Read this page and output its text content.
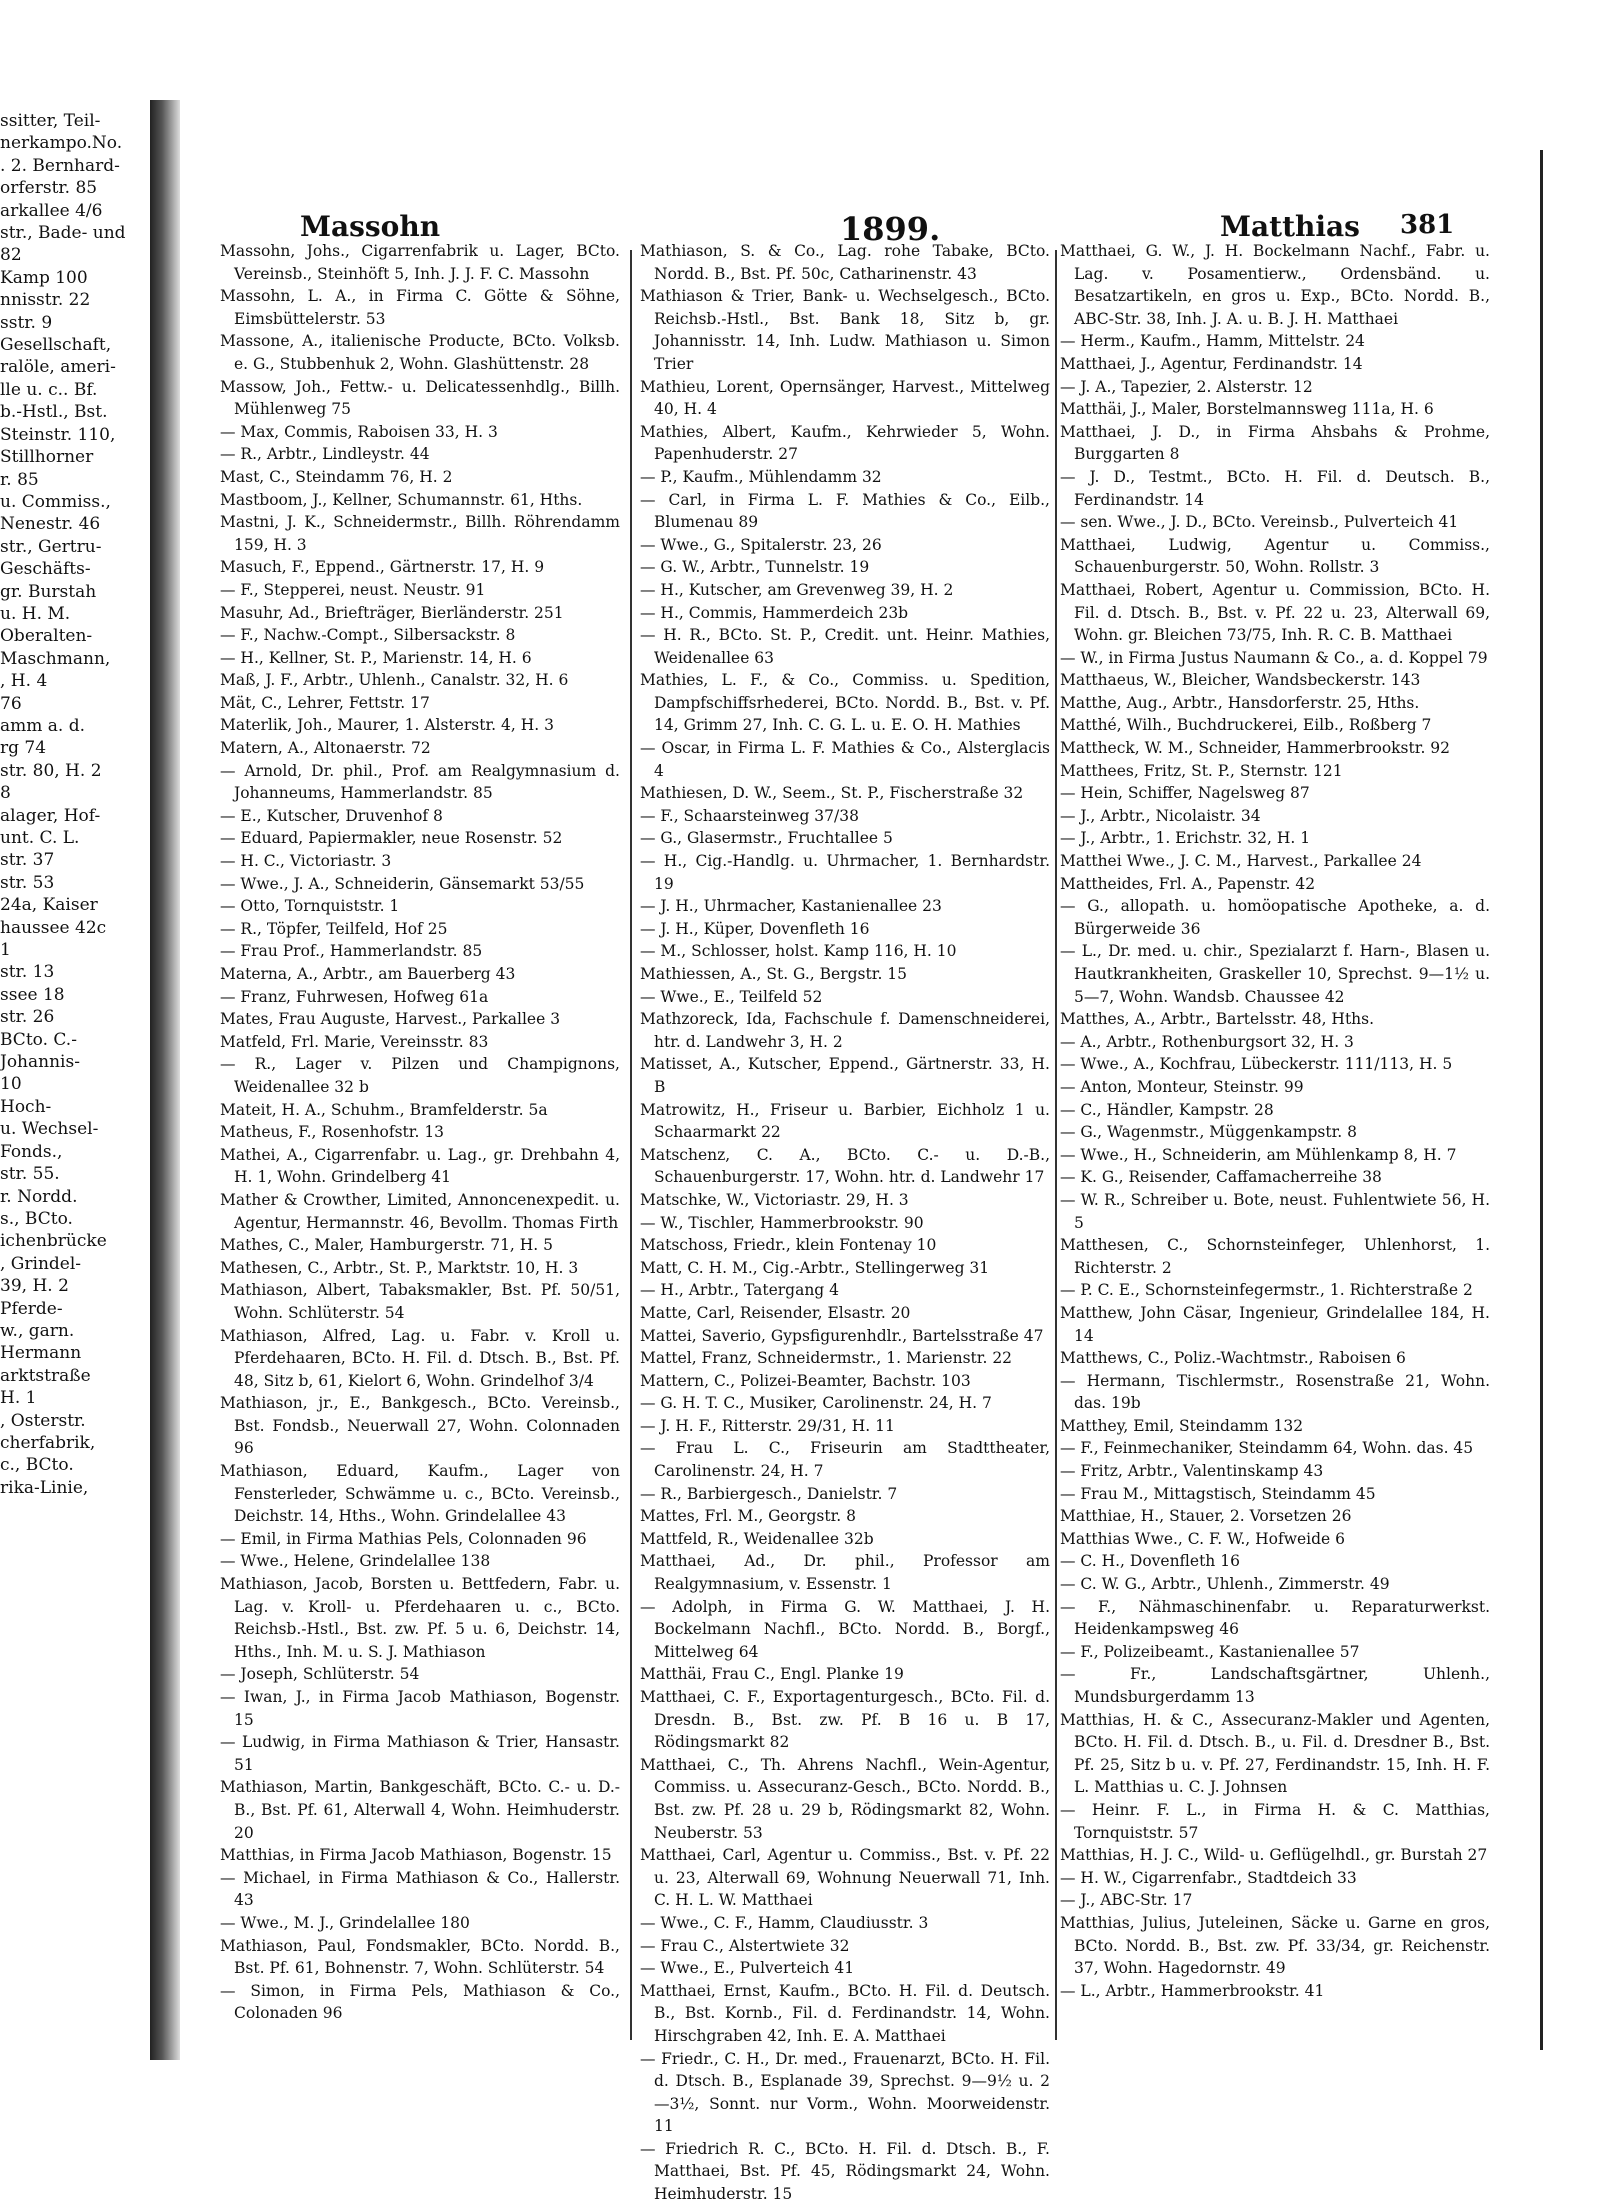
ssitter, Teil-
nerkampo.No.
. 2. Bernhard-
orferstr. 85
arkallee 4/6
str., Bade- und
82
Kamp 100
nnisstr. 22
sstr. 9
Gesellschaft,
ralöle, ameri-
lle u. c.. Bf.
b.-Hstl., Bst.
Steinstr. 110,
Stillhorner
r. 85
u. Commiss.,
Nenestr. 46
str., Gertru-
Geschäfts-
gr. Burstah
u. H. M.
Oberalten-
Maschmann,
, H. 4
76
amm a. d.
rg 74
str. 80, H. 2
8
alager, Hof-
unt. C. L.
str. 37
str. 53
24a, Kaiser
haussee 42c
1
str. 13
ssee 18
str. 26
BCto. C.-
Johannis-
10
Hoch-
u. Wechsel-
Fonds.,
str. 55.
r. Nordd.
s., BCto.
ichenbrücke
, Grindel-
39, H. 2
Pferde-
w., garn.
Hermann
arktstraße
H. 1
, Osterstr.
cherfabrik,
c., BCto.
rika-Linie,
Massohn	1899.	Matthias 381
Massohn, Johs., Cigarrenfabrik u. Lager, BCto. Vereinsb., Steinhöft 5, Inh. J. J. F. C. Massohn
Massohn, L. A., in Firma C. Götte & Söhne, Eimsbüttelerstr. 53
Massone, A., italienische Producte, BCto. Volksb. e. G., Stubbenhuk 2, Wohn. Glashüttenstr. 28
Massow, Joh., Fettw.- u. Delicatessenhdlg., Billh. Mühlenweg 75
— Max, Commis, Raboisen 33, H. 3
— R., Arbtr., Lindleystr. 44
Mast, C., Steindamm 76, H. 2
Mastboom, J., Kellner, Schumannstr. 61, Hths.
Mastni, J. K., Schneidermstr., Billh. Röhrendamm 159, H. 3
Masuch, F., Eppend., Gärtnerstr. 17, H. 9
— F., Stepperei, neust. Neustr. 91
Masuhr, Ad., Briefträger, Bierländerstr. 251
— F., Nachw.-Compt., Silbersackstr. 8
— H., Kellner, St. P., Marienstr. 14, H. 6
Maß, J. F., Arbtr., Uhlenh., Canalstr. 32, H. 6
Mät, C., Lehrer, Fettstr. 17
Materlik, Joh., Maurer, 1. Alsterstr. 4, H. 3
Matern, A., Altonaerstr. 72
— Arnold, Dr. phil., Prof. am Realgymnasium d. Johanneums, Hammerlandstr. 85
— E., Kutscher, Druvenhof 8
— Eduard, Papiermakler, neue Rosenstr. 52
— H. C., Victoriastr. 3
— Wwe., J. A., Schneiderin, Gänsemarkt 53/55
— Otto, Tornquiststr. 1
— R., Töpfer, Teilfeld, Hof 25
— Frau Prof., Hammerlandstr. 85
Materna, A., Arbtr., am Bauerberg 43
— Franz, Fuhrwesen, Hofweg 61a
Mates, Frau Auguste, Harvest., Parkallee 3
Matfeld, Frl. Marie, Vereinsstr. 83
— R., Lager v. Pilzen und Champignons, Weidenallee 32 b
Mateit, H. A., Schuhm., Bramfelderstr. 5a
Matheus, F., Rosenhofstr. 13
Mathei, A., Cigarrenfabr. u. Lag., gr. Drehbahn 4, H. 1, Wohn. Grindelberg 41
Mather & Crowther, Limited, Annoncenexpedit. u. Agentur, Hermannstr. 46, Bevollm. Thomas Firth
Mathes, C., Maler, Hamburgerstr. 71, H. 5
Mathesen, C., Arbtr., St. P., Marktstr. 10, H. 3
Mathiason, Albert, Tabaksmakler, Bst. Pf. 50/51, Wohn. Schlüterstr. 54
Mathiason, Alfred, Lag. u. Fabr. v. Kroll u. Pferdehaaren, BCto. H. Fil. d. Dtsch. B., Bst. Pf. 48, Sitz b, 61, Kielort 6, Wohn. Grindelhof 3/4
Mathiason, jr., E., Bankgesch., BCto. Vereinsb., Bst. Fondsb., Neuerwall 27, Wohn. Colonnaden 96
Mathiason, Eduard, Kaufm., Lager von Fensterleder, Schwämme u. c., BCto. Vereinsb., Deichstr. 14, Hths., Wohn. Grindelallee 43
— Emil, in Firma Mathias Pels, Colonnaden 96
— Wwe., Helene, Grindelallee 138
Mathiason, Jacob, Borsten u. Bettfedern, Fabr. u. Lag. v. Kroll- u. Pferdehaaren u. c., BCto. Reichsb.-Hstl., Bst. zw. Pf. 5 u. 6, Deichstr. 14, Hths., Inh. M. u. S. J. Mathiason
— Joseph, Schlüterstr. 54
— Iwan, J., in Firma Jacob Mathiason, Bogenstr. 15
— Ludwig, in Firma Mathiason & Trier, Hansastr. 51
Mathiason, Martin, Bankgeschäft, BCto. C.- u. D.-B., Bst. Pf. 61, Alterwall 4, Wohn. Heimhuderstr. 20
Matthias, in Firma Jacob Mathiason, Bogenstr. 15
— Michael, in Firma Mathiason & Co., Hallerstr. 43
— Wwe., M. J., Grindelallee 180
Mathiason, Paul, Fondsmakler, BCto. Nordd. B., Bst. Pf. 61, Bohnenstr. 7, Wohn. Schlüterstr. 54
— Simon, in Firma Pels, Mathiason & Co., Colonaden 96
Mathiason, S. & Co., Lag. rohe Tabake, BCto. Nordd. B., Bst. Pf. 50c, Catharinenstr. 43
Mathiason & Trier, Bank- u. Wechselgesch., BCto. Reichsb.-Hstl., Bst. Bank 18, Sitz b, gr. Johannisstr. 14, Inh. Ludw. Mathiason u. Simon Trier
Mathieu, Lorent, Opernsänger, Harvest., Mittelweg 40, H. 4
Mathies, Albert, Kaufm., Kehrwieder 5, Wohn. Papenhuderstr. 27
— P., Kaufm., Mühlendamm 32
— Carl, in Firma L. F. Mathies & Co., Eilb., Blumenau 89
— Wwe., G., Spitalerstr. 23, 26
— G. W., Arbtr., Tunnelstr. 19
— H., Kutscher, am Grevenweg 39, H. 2
— H., Commis, Hammerdeich 23b
— H. R., BCto. St. P., Credit. unt. Heinr. Mathies, Weidenallee 63
Mathies, L. F., & Co., Commiss. u. Spedition, Dampfschiffsrhederei, BCto. Nordd. B., Bst. v. Pf. 14, Grimm 27, Inh. C. G. L. u. E. O. H. Mathies
— Oscar, in Firma L. F. Mathies & Co., Alsterglacis 4
Mathiesen, D. W., Seem., St. P., Fischerstraße 32
— F., Schaarsteinweg 37/38
— G., Glasermstr., Fruchtallee 5
— H., Cig.-Handlg. u. Uhrmacher, 1. Bernhardstr. 19
— J. H., Uhrmacher, Kastanienallee 23
— J. H., Küper, Dovenfleth 16
— M., Schlosser, holst. Kamp 116, H. 10
Mathiessen, A., St. G., Bergstr. 15
— Wwe., E., Teilfeld 52
Mathzoreck, Ida, Fachschule f. Damenschneiderei, htr. d. Landwehr 3, H. 2
Matisset, A., Kutscher, Eppend., Gärtnerstr. 33, H. B
Matrowitz, H., Friseur u. Barbier, Eichholz 1 u. Schaarmarkt 22
Matschenz, C. A., BCto. C.- u. D.-B., Schauenburgerstr. 17, Wohn. htr. d. Landwehr 17
Matschke, W., Victoriastr. 29, H. 3
— W., Tischler, Hammerbrookstr. 90
Matschoss, Friedr., klein Fontenay 10
Matt, C. H. M., Cig.-Arbtr., Stellingerweg 31
— H., Arbtr., Tatergang 4
Matte, Carl, Reisender, Elsastr. 20
Mattei, Saverio, Gypsfigurenhdlr., Bartelsstraße 47
Mattel, Franz, Schneidermstr., 1. Marienstr. 22
Mattern, C., Polizei-Beamter, Bachstr. 103
— G. H. T. C., Musiker, Carolinenstr. 24, H. 7
— J. H. F., Ritterstr. 29/31, H. 11
— Frau L. C., Friseurin am Stadttheater, Carolinenstr. 24, H. 7
— R., Barbiergesch., Danielstr. 7
Mattes, Frl. M., Georgstr. 8
Mattfeld, R., Weidenallee 32b
Matthaei, Ad., Dr. phil., Professor am Realgymnasium, v. Essenstr. 1
— Adolph, in Firma G. W. Matthaei, J. H. Bockelmann Nachfl., BCto. Nordd. B., Borgf., Mittelweg 64
Matthäi, Frau C., Engl. Planke 19
Matthaei, C. F., Exportagenturgesch., BCto. Fil. d. Dresdn. B., Bst. zw. Pf. B 16 u. B 17, Rödingsmarkt 82
Matthaei, C., Th. Ahrens Nachfl., Wein-Agentur, Commiss. u. Assecuranz-Gesch., BCto. Nordd. B., Bst. zw. Pf. 28 u. 29 b, Rödingsmarkt 82, Wohn. Neuberstr. 53
Matthaei, Carl, Agentur u. Commiss., Bst. v. Pf. 22 u. 23, Alterwall 69, Wohnung Neuerwall 71, Inh. C. H. L. W. Matthaei
— Wwe., C. F., Hamm, Claudiusstr. 3
— Frau C., Alstertwiete 32
— Wwe., E., Pulverteich 41
Matthaei, Ernst, Kaufm., BCto. H. Fil. d. Deutsch. B., Bst. Kornb., Fil. d. Ferdinandstr. 14, Wohn. Hirschgraben 42, Inh. E. A. Matthaei
— Friedr., C. H., Dr. med., Frauenarzt, BCto. H. Fil. d. Dtsch. B., Esplanade 39, Sprechst. 9—9½ u. 2—3½, Sonnt. nur Vorm., Wohn. Moorweidenstr. 11
— Friedrich R. C., BCto. H. Fil. d. Dtsch. B., F. Matthaei, Bst. Pf. 45, Rödingsmarkt 24, Wohn. Heimhuderstr. 15
Matthaei, G. W., J. H. Bockelmann Nachf., Fabr. u. Lag. v. Posamentierw., Ordensbänd. u. Besatzartikeln, en gros u. Exp., BCto. Nordd. B., ABC-Str. 38, Inh. J. A. u. B. J. H. Matthaei
— Herm., Kaufm., Hamm, Mittelstr. 24
Matthaei, J., Agentur, Ferdinandstr. 14
— J. A., Tapezier, 2. Alsterstr. 12
Matthäi, J., Maler, Borstelmannsweg 111a, H. 6
Matthaei, J. D., in Firma Ahsbahs & Prohme, Burggarten 8
— J. D., Testmt., BCto. H. Fil. d. Deutsch. B., Ferdinandstr. 14
— sen. Wwe., J. D., BCto. Vereinsb., Pulverteich 41
Matthaei, Ludwig, Agentur u. Commiss., Schauenburgerstr. 50, Wohn. Rollstr. 3
Matthaei, Robert, Agentur u. Commission, BCto. H. Fil. d. Dtsch. B., Bst. v. Pf. 22 u. 23, Alterwall 69, Wohn. gr. Bleichen 73/75, Inh. R. C. B. Matthaei
— W., in Firma Justus Naumann & Co., a. d. Koppel 79
Matthaeus, W., Bleicher, Wandsbeckerstr. 143
Matthe, Aug., Arbtr., Hansdorferstr. 25, Hths.
Matthé, Wilh., Buchdruckerei, Eilb., Roßberg 7
Mattheck, W. M., Schneider, Hammerbrookstr. 92
Matthees, Fritz, St. P., Sternstr. 121
— Hein, Schiffer, Nagelsweg 87
— J., Arbtr., Nicolaistr. 34
— J., Arbtr., 1. Erichstr. 32, H. 1
Matthei Wwe., J. C. M., Harvest., Parkallee 24
Mattheides, Frl. A., Papenstr. 42
— G., allopath. u. homöopatische Apotheke, a. d. Bürgerweide 36
— L., Dr. med. u. chir., Spezialarzt f. Harn-, Blasen u. Hautkrankheiten, Graskeller 10, Sprechst. 9—1½ u. 5—7, Wohn. Wandsb. Chaussee 42
Matthes, A., Arbtr., Bartelsstr. 48, Hths.
— A., Arbtr., Rothenburgsort 32, H. 3
— Wwe., A., Kochfrau, Lübeckerstr. 111/113, H. 5
— Anton, Monteur, Steinstr. 99
— C., Händler, Kampstr. 28
— G., Wagenmstr., Müggenkampstr. 8
— Wwe., H., Schneiderin, am Mühlenkamp 8, H. 7
— K. G., Reisender, Caffamacherreihe 38
— W. R., Schreiber u. Bote, neust. Fuhlentwiete 56, H. 5
Matthesen, C., Schornsteinfeger, Uhlenhorst, 1. Richterstr. 2
— P. C. E., Schornsteinfegermstr., 1. Richterstraße 2
Matthew, John Cäsar, Ingenieur, Grindelallee 184, H. 14
Matthews, C., Poliz.-Wachtmstr., Raboisen 6
— Hermann, Tischlermstr., Rosenstraße 21, Wohn. das. 19b
Matthey, Emil, Steindamm 132
— F., Feinmechaniker, Steindamm 64, Wohn. das. 45
— Fritz, Arbtr., Valentinskamp 43
— Frau M., Mittagstisch, Steindamm 45
Matthiae, H., Stauer, 2. Vorsetzen 26
Matthias Wwe., C. F. W., Hofweide 6
— C. H., Dovenfleth 16
— C. W. G., Arbtr., Uhlenh., Zimmerstr. 49
— F., Nähmaschinenfabr. u. Reparaturwerkst. Heidenkampsweg 46
— F., Polizeibeamt., Kastanienallee 57
— Fr., Landschaftsgärtner, Uhlenh., Mundsburgerdamm 13
Matthias, H. & C., Assecuranz-Makler und Agenten, BCto. H. Fil. d. Dtsch. B., u. Fil. d. Dresdner B., Bst. Pf. 25, Sitz b u. v. Pf. 27, Ferdinandstr. 15, Inh. H. F. L. Matthias u. C. J. Johnsen
— Heinr. F. L., in Firma H. & C. Matthias, Tornquiststr. 57
Matthias, H. J. C., Wild- u. Geflügelhdl., gr. Burstah 27
— H. W., Cigarrenfabr., Stadtdeich 33
— J., ABC-Str. 17
Matthias, Julius, Juteleinen, Säcke u. Garne en gros, BCto. Nordd. B., Bst. zw. Pf. 33/34, gr. Reichenstr. 37, Wohn. Hagedornstr. 49
— L., Arbtr., Hammerbrookstr. 41
